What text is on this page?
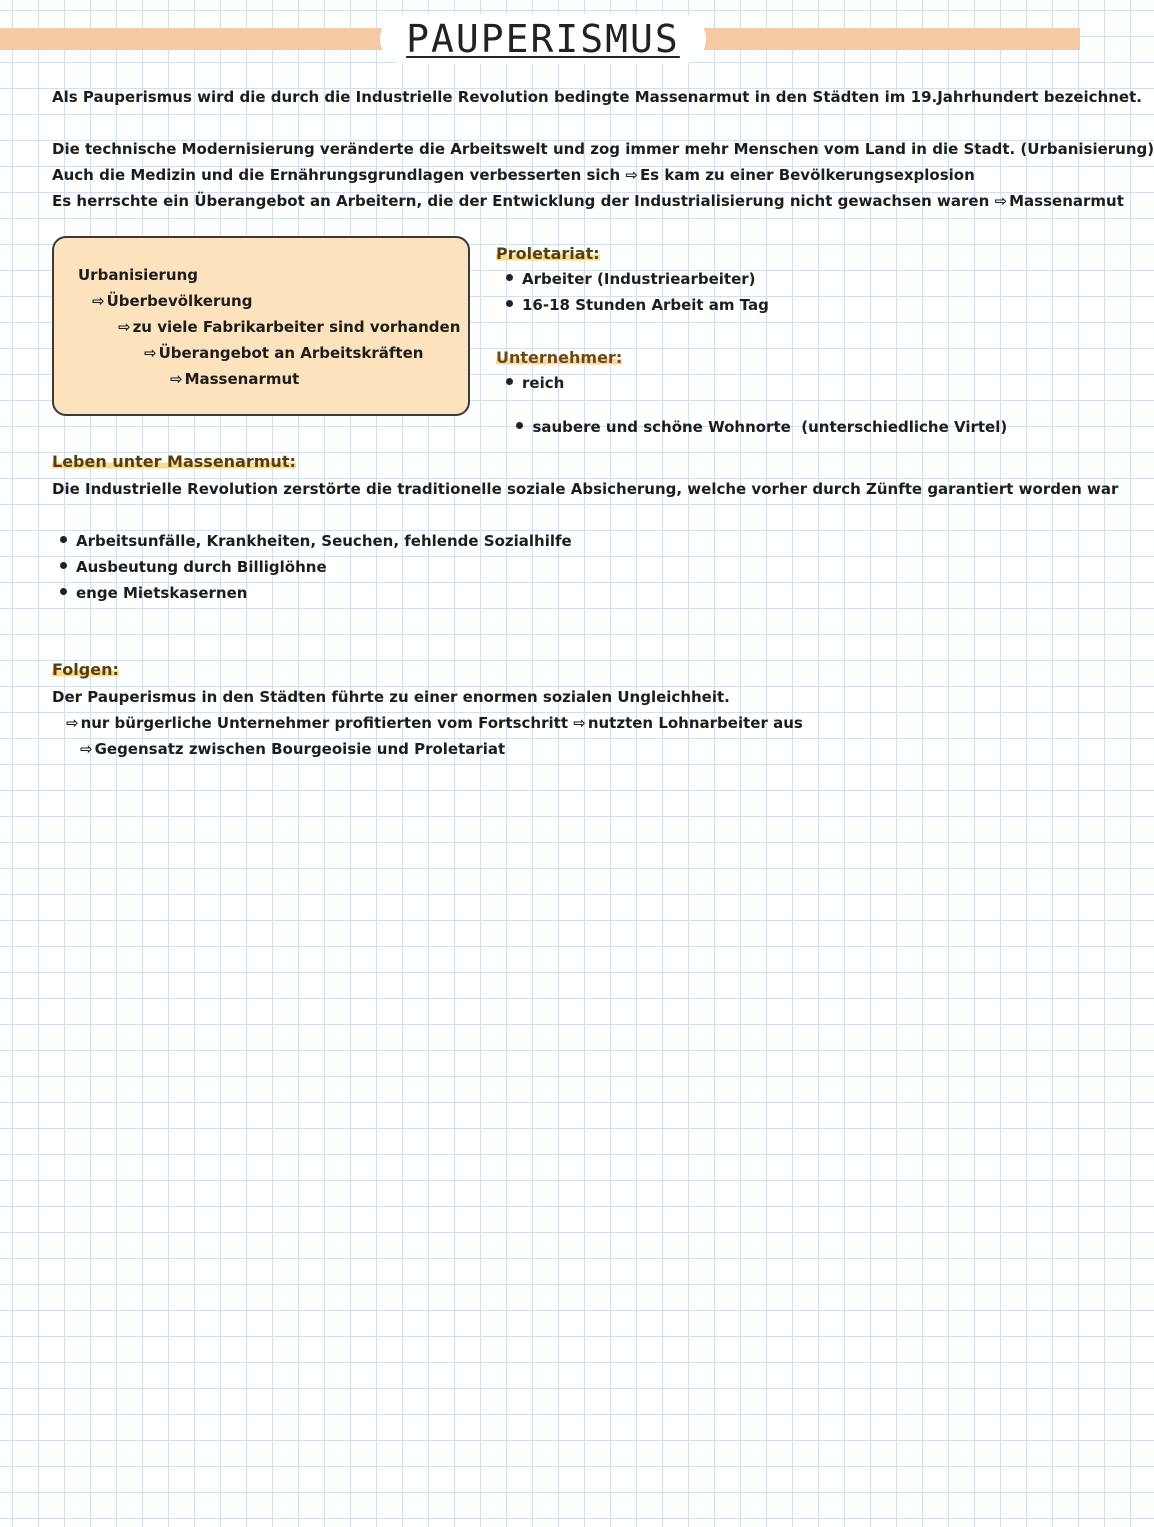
PAUPERISMUS
Als Pauperismus wird die durch die Industrielle Revolution bedingte Massenarmut in den Städten im 19.Jahrhundert bezeichnet.
Die technische Modernisierung veränderte die Arbeitswelt und zog immer mehr Menschen vom Land in die Stadt. (Urbanisierung)
Auch die Medizin und die Ernährungsgrundlagen verbesserten sich ⇨ Es kam zu einer Bevölkerungsexplosion
Es herrschte ein Überangebot an Arbeitern, die der Entwicklung der Industrialisierung nicht gewachsen waren ⇨ Massenarmut
Urbanisierung
⇨ Überbevölkerung
⇨ zu viele Fabrikarbeiter sind vorhanden
⇨ Überangebot an Arbeitskräften
⇨ Massenarmut
Proletariat:
Arbeiter (Industriearbeiter)
16-18 Stunden Arbeit am Tag
Unternehmer:
reich

saubere und schöne Wohnorte  (unterschiedliche Virtel)

Leben unter Massenarmut:
Die Industrielle Revolution zerstörte die traditionelle soziale Absicherung, welche vorher durch Zünfte garantiert worden war
Arbeitsunfälle, Krankheiten, Seuchen, fehlende Sozialhilfe
Ausbeutung durch Billiglöhne
enge Mietskasernen
Folgen:
Der Pauperismus in den Städten führte zu einer enormen sozialen Ungleichheit.
⇨ nur bürgerliche Unternehmer profitierten vom Fortschritt ⇨ nutzten Lohnarbeiter aus
⇨ Gegensatz zwischen Bourgeoisie und Proletariat
